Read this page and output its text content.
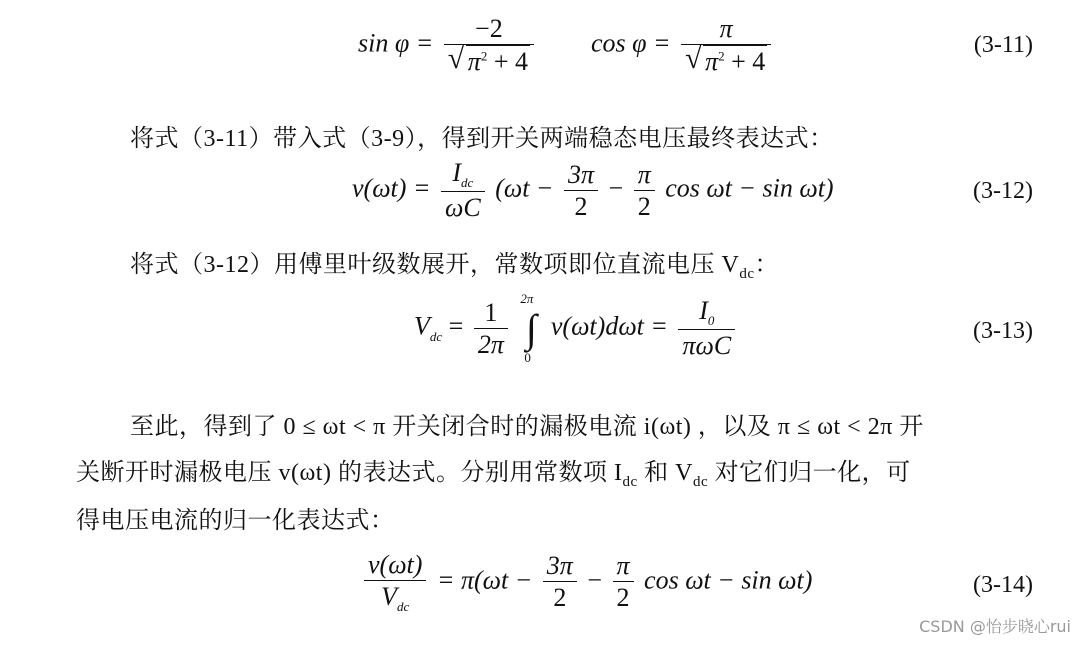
$\sin \varphi = \frac{-2}{√ \pi^2 + 4}$ $\cos \varphi = \frac{\pi}{√ \pi^2 + 4}$	(3-11)
将式（3-11）带入式（3-9），得到开关两端稳态电压最终表达式：
$v(\omega t) = \frac{I_{dc}}{\omega C} (\omega t - \frac{3\pi}{2} - \frac{\pi}{2}$ cos ωt − sin ωt)	(3-12)
将式（3-12）用傅里叶级数展开，常数项即位直流电压 $V_{dc}$：
$V_{dc} = \frac{1}{2\pi}$ ∫
2π
0
$v(\omega t)d\omega t = \frac{I_0}{\text{πωC}}$	(3-13)
至此，得到了 0 ≤ ωt < π 开关闭合时的漏极电流 i(ωt) ，以及 π ≤ ωt < 2π 开
关断开时漏极电压 v(ωt) 的表达式。分别用常数项 $I_{dc}$ 和 $V_{dc}$ 对它们归一化，可
得电压电流的归一化表达式：
$\frac{v(\omega t)}{V_{dc}} = \pi(\omega t - \frac{3\pi}{2} - \frac{\pi}{2}$ cos ωt − sin ωt)	(3-14)
CSDN @怡步晓心rui
